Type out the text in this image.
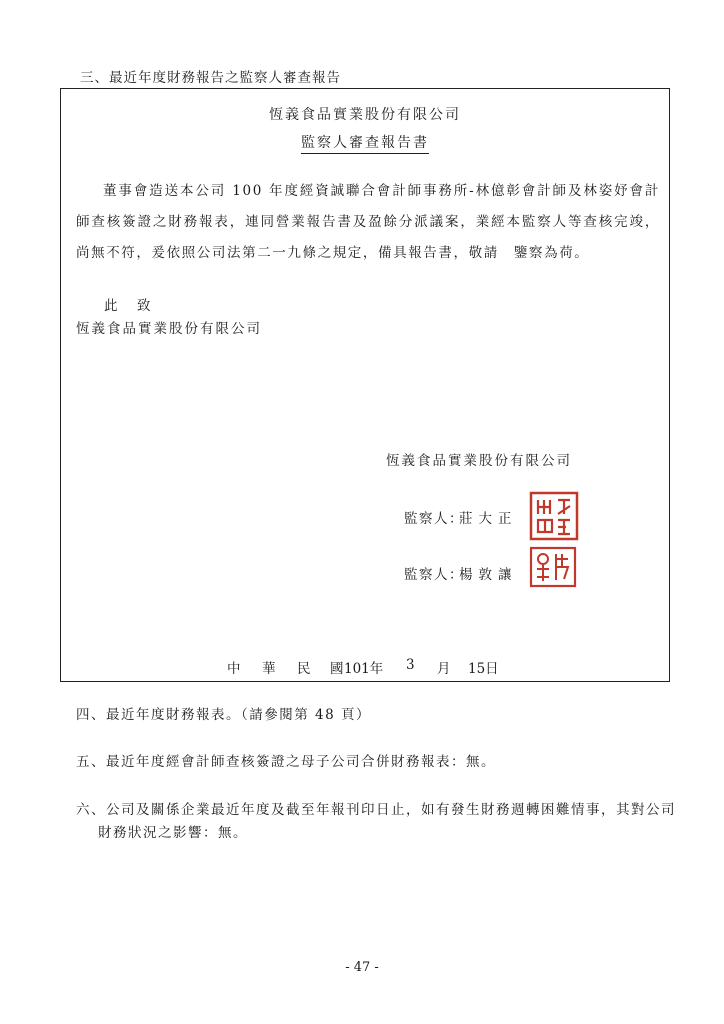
三、最近年度財務報告之監察人審查報告
恆義食品實業股份有限公司
監察人審查報告書
董事會造送本公司 100 年度經資誠聯合會計師事務所-林億彰會計師及林姿妤會計師查核簽證之財務報表，連同營業報告書及盈餘分派議案，業經本監察人等查核完竣，尚無不符，爰依照公司法第二一九條之規定，備具報告書，敬請　鑒察為荷。
此　致
恆義食品實業股份有限公司
恆義食品實業股份有限公司
監察人：
莊大正
監察人：
楊敦讓
中 華 民 國 101年 3 月 15日
四、最近年度財務報表。（請參閱第 48 頁）
五、最近年度經會計師查核簽證之母子公司合併財務報表：無。
六、公司及關係企業最近年度及截至年報刊印日止，如有發生財務週轉困難情事，其對公司
財務狀況之影響：無。
- 47 -
